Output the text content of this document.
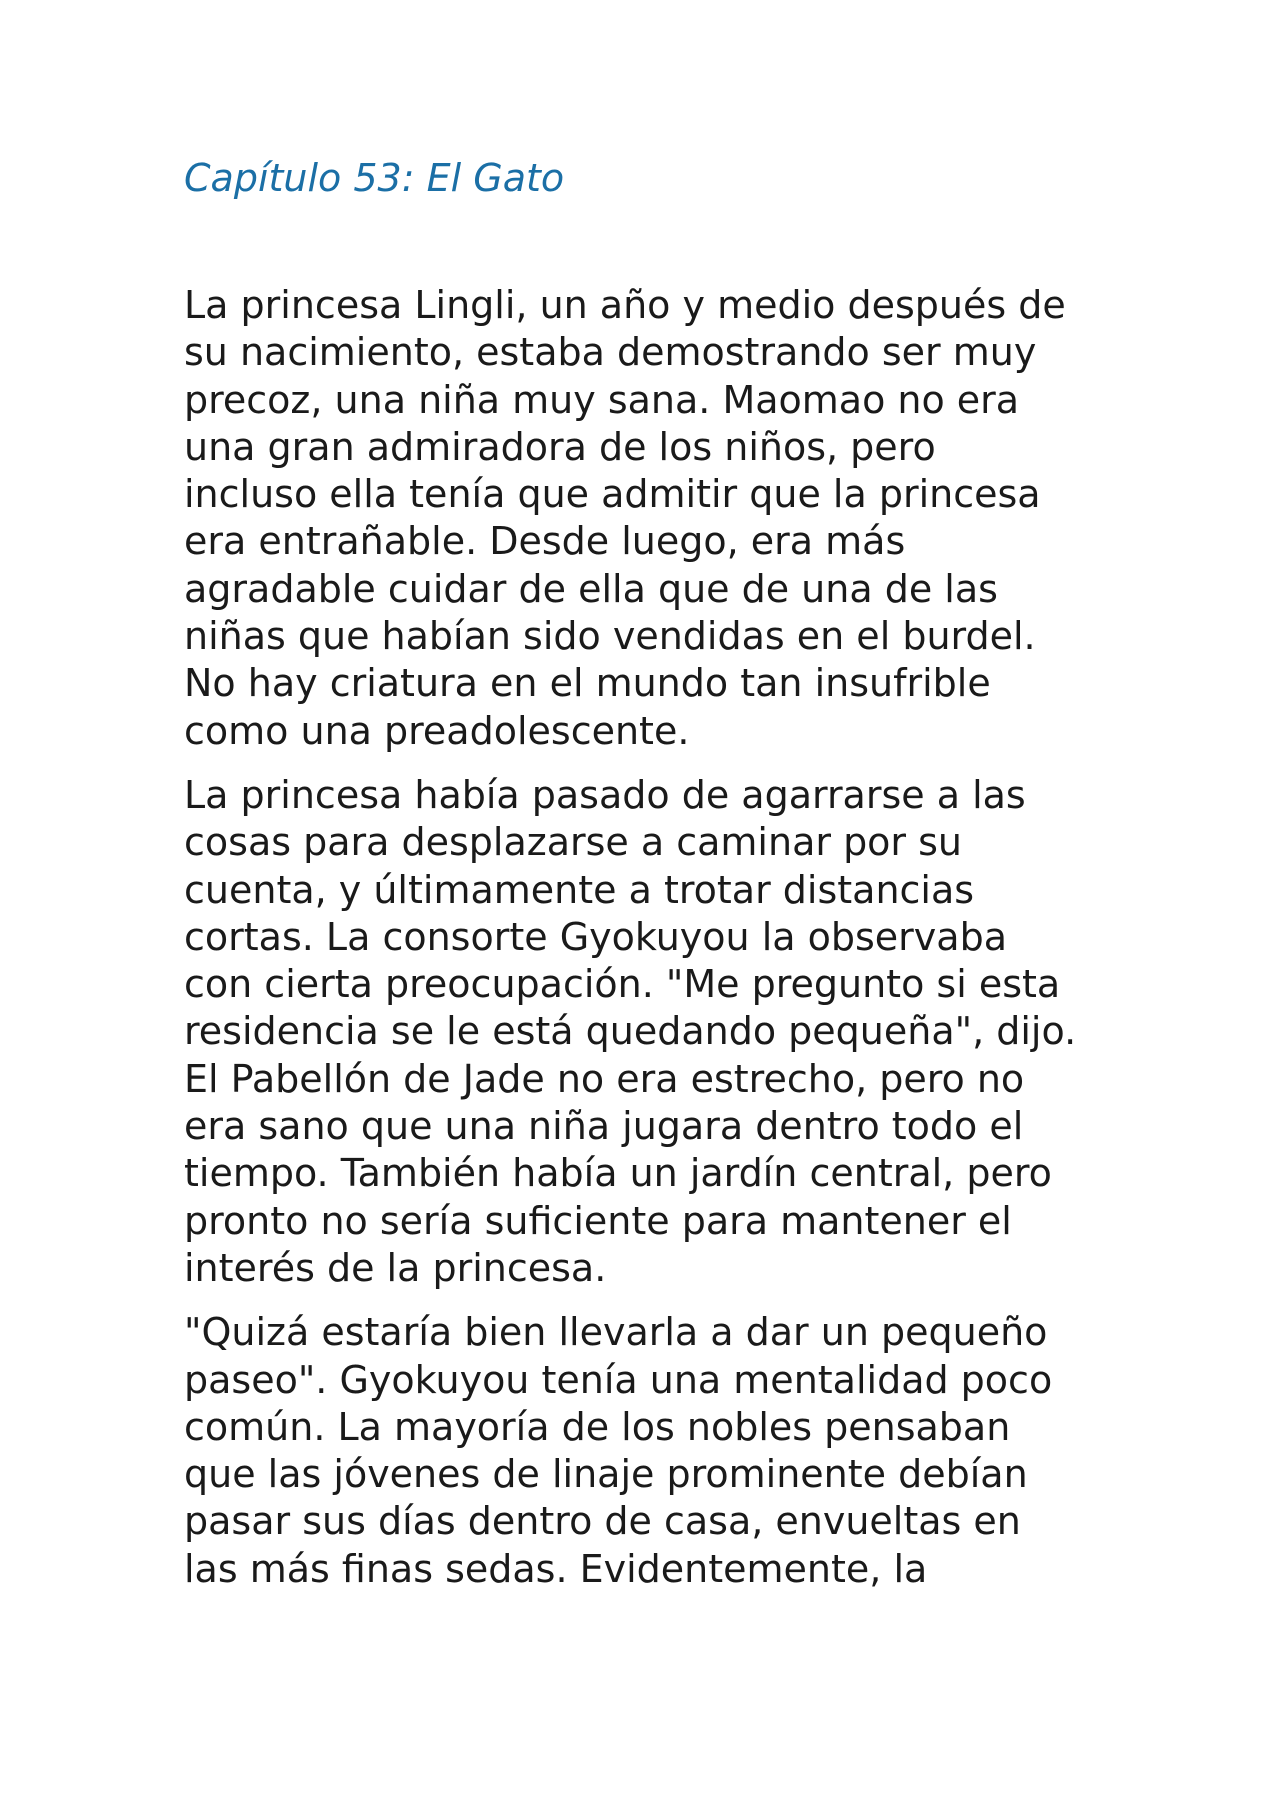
Capítulo 53: El Gato

La princesa Lingli, un año y medio después de
su nacimiento, estaba demostrando ser muy
precoz, una niña muy sana. Maomao no era
una gran admiradora de los niños, pero
incluso ella tenía que admitir que la princesa
era entrañable. Desde luego, era más
agradable cuidar de ella que de una de las
niñas que habían sido vendidas en el burdel.
No hay criatura en el mundo tan insufrible
como una preadolescente.

La princesa había pasado de agarrarse a las
cosas para desplazarse a caminar por su
cuenta, y últimamente a trotar distancias
cortas. La consorte Gyokuyou la observaba
con cierta preocupación. "Me pregunto si esta
residencia se le está quedando pequeña", dijo.
El Pabellón de Jade no era estrecho, pero no
era sano que una niña jugara dentro todo el
tiempo. También había un jardín central, pero
pronto no sería suficiente para mantener el
interés de la princesa.

"Quizá estaría bien llevarla a dar un pequeño
paseo". Gyokuyou tenía una mentalidad poco
común. La mayoría de los nobles pensaban
que las jóvenes de linaje prominente debían
pasar sus días dentro de casa, envueltas en
las más finas sedas. Evidentemente, la
